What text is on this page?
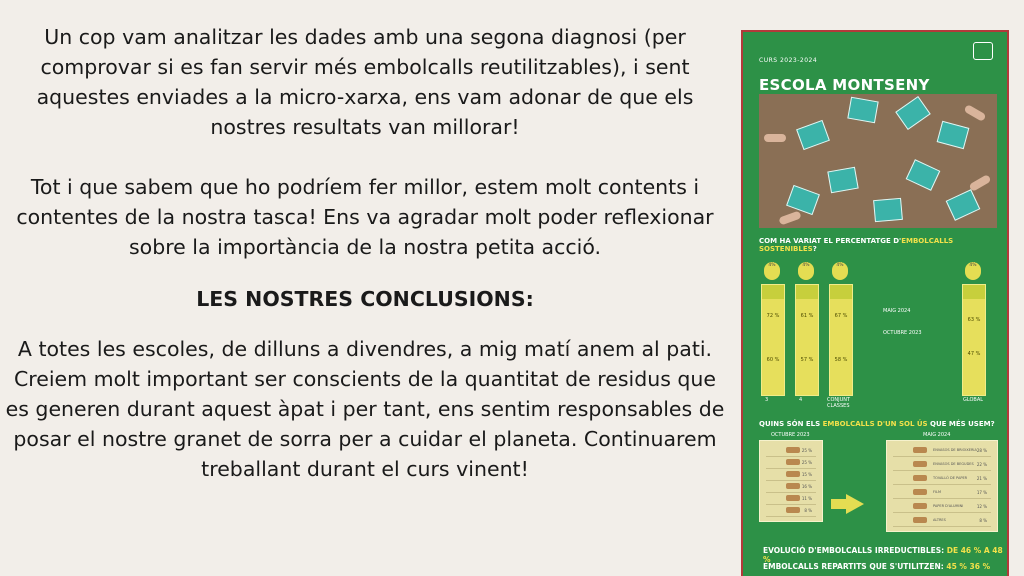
Un cop vam analitzar les dades amb una segona diagnosi (per comprovar si es fan servir més embolcalls reutilitzables), i sent aquestes enviades a la micro-xarxa, ens vam adonar de que els nostres resultats van millorar!

Tot i que sabem que ho podríem fer millor, estem molt contents i contentes de la nostra tasca! Ens va agradar molt poder reflexionar sobre la importància de la nostra petita acció.

LES NOSTRES CONCLUSIONS:

A totes les escoles, de dilluns a divendres, a mig matí anem al pati. Creiem molt important ser conscients de la quantitat de residus que es generen durant aquest àpat i per tant, ens sentim responsables de posar el nostre granet de sorra per a cuidar el planeta. Continuarem treballant durant el curs vinent!

CURS 2023-2024
ESCOLA MONTSENY
COM HA VARIAT EL PERCENTATGE D'EMBOLCALLS SOSTENIBLES?
4%	4%	4%	4%
72 %
60 %
61 %
57 %
67 %
58 %
63 %
47 %
3	4	CONJUNT CLASSES
GLOBAL
MAIG 2024
OCTUBRE 2023
QUINS SÓN ELS EMBOLCALLS D'UN SOL ÚS QUE MÉS USEM?
OCTUBRE 2023	MAIG 2024
25 %
25 %
15 %
16 %
11 %
8 %
ENVASOS DE BRIOIXERIA 28 %
ENVASOS DE BEGUDES 22 %
TOVALLÓ DE PAPER 21 %
FILM	17 %
PAPER D'ALUMINI	12 %
ALTRES	8 %
EVOLUCIÓ D'EMBOLCALLS IRREDUCTIBLES: DE 46 % A 48 %
EMBOLCALLS REPARTITS QUE S'UTILITZEN: 45 % 36 %
